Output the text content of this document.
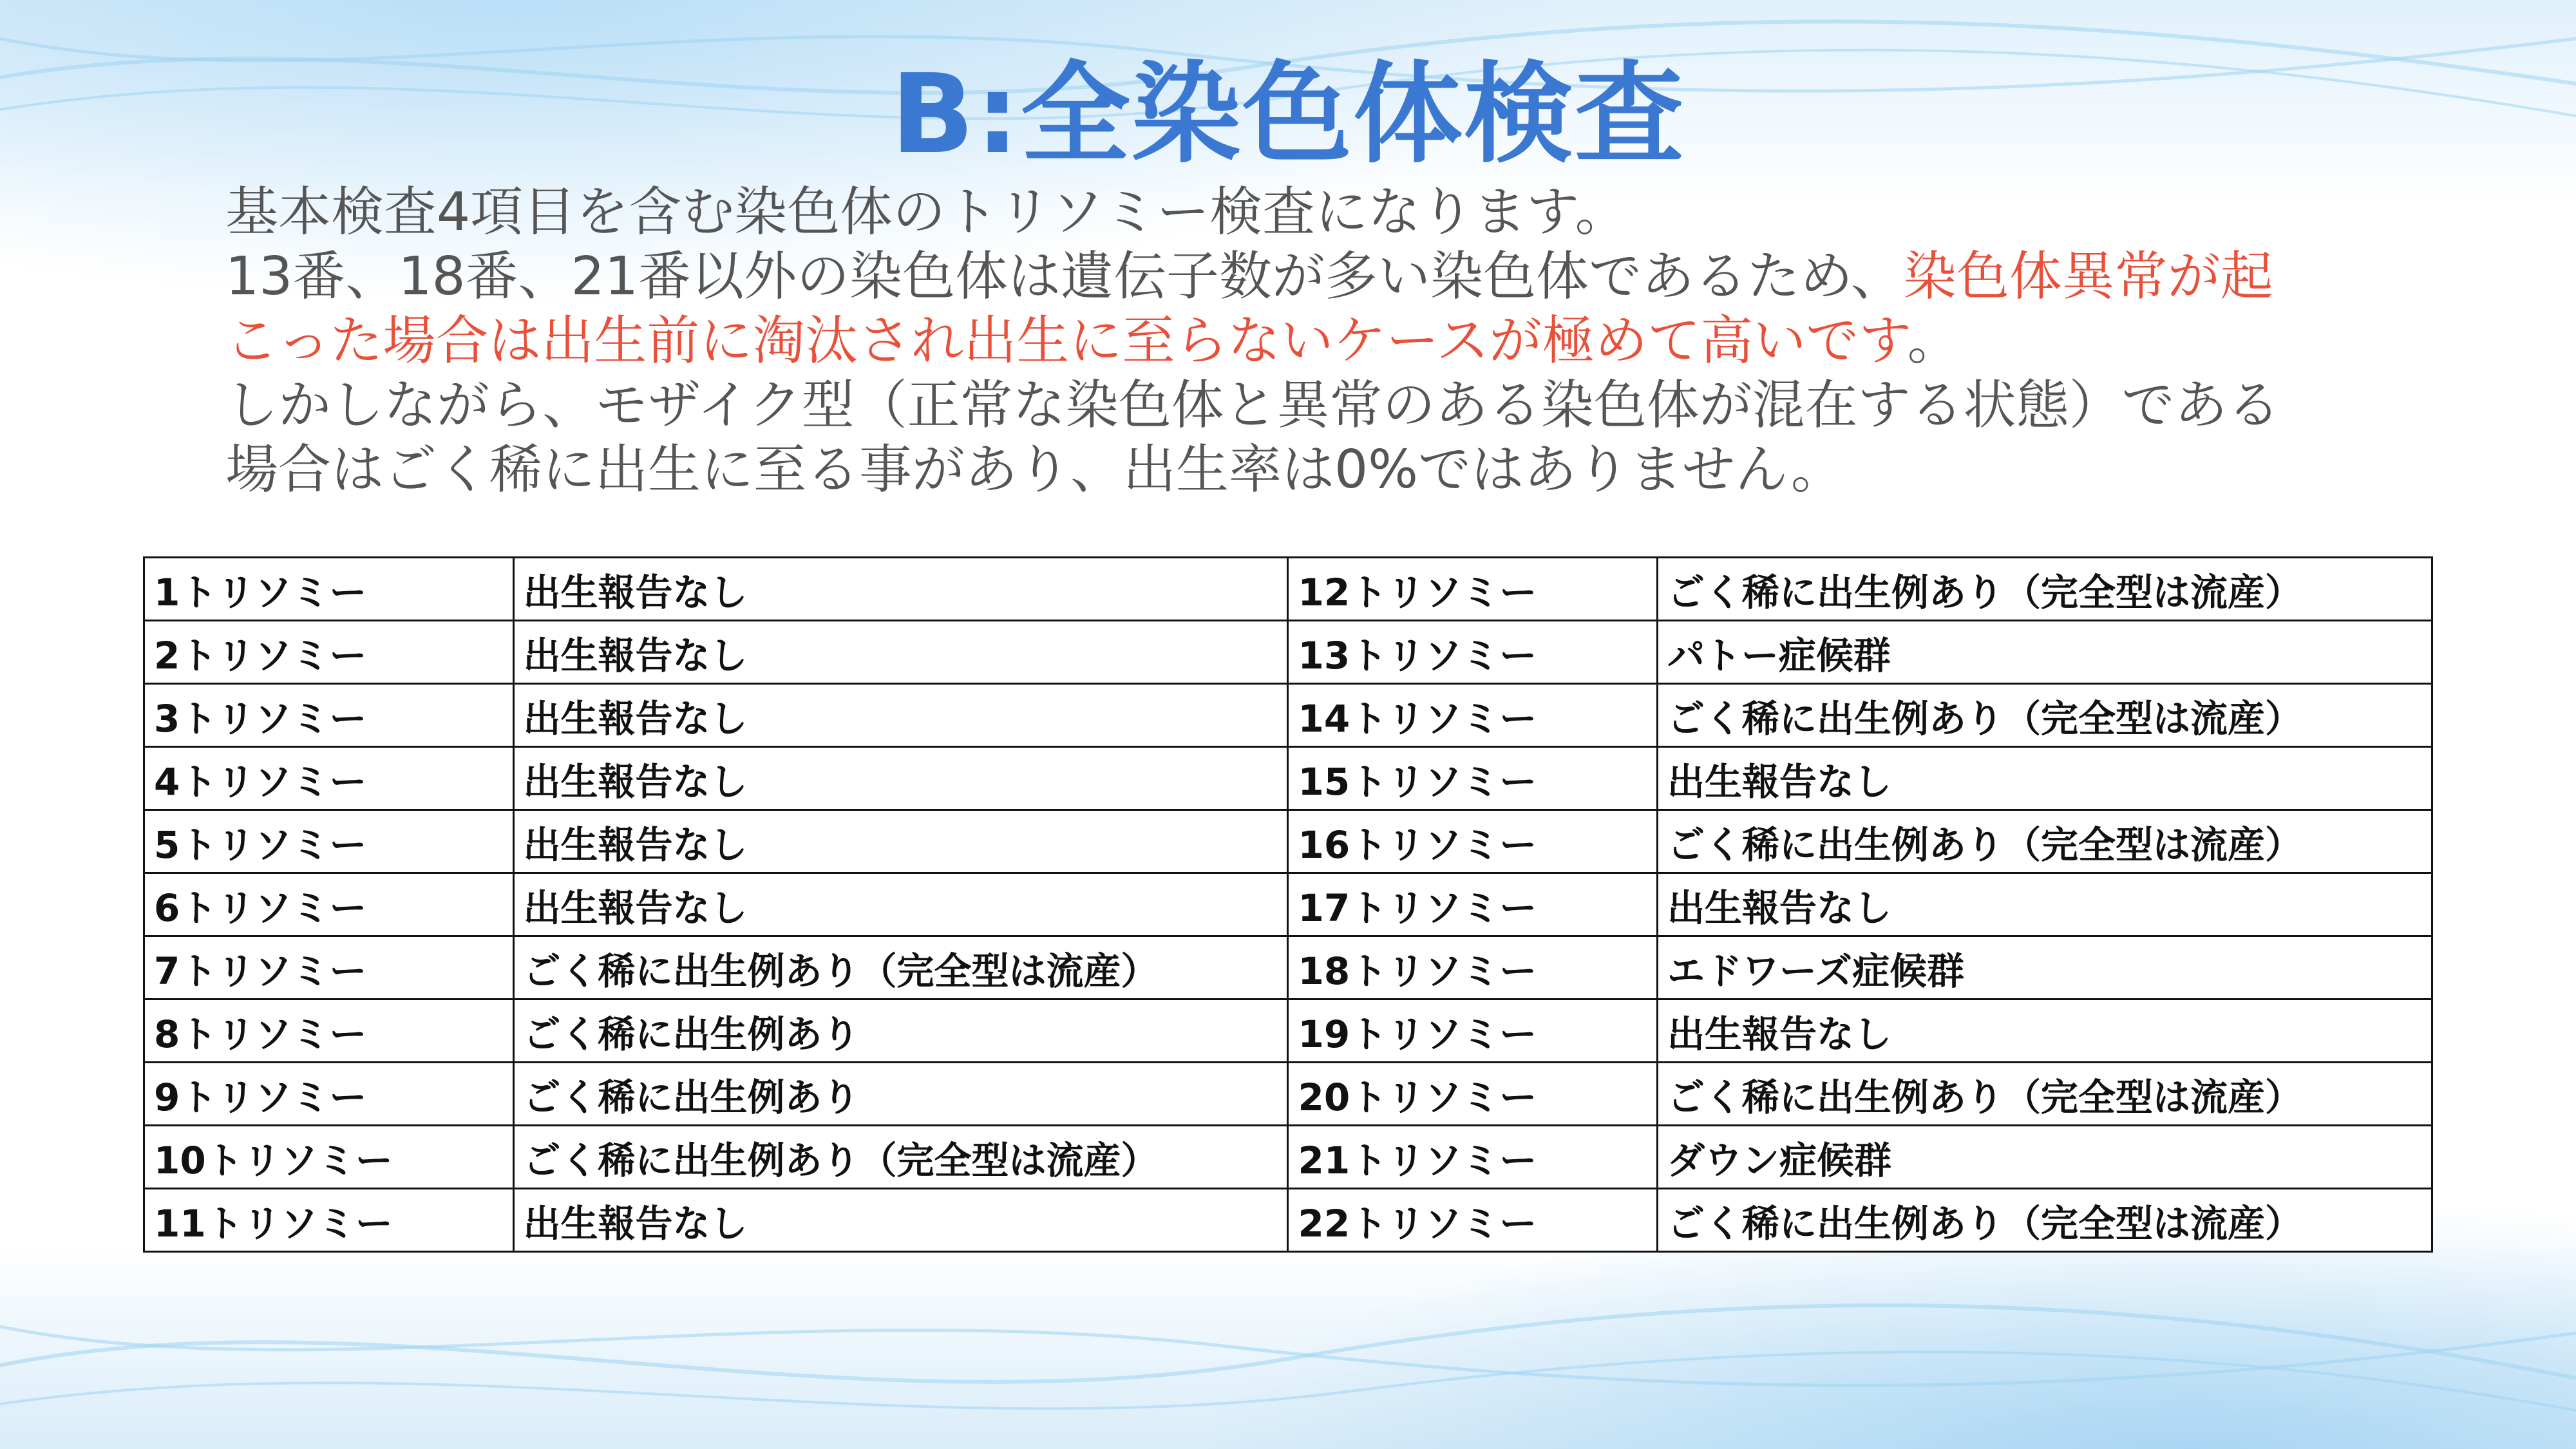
B:全染色体検査

基本検査4項目を含む染色体のトリソミー検査になります。

13番、18番、21番以外の染色体は遺伝子数が多い染色体であるため、染色体異常が起

こった場合は出生前に淘汰され出生に至らないケースが極めて高いです。

しかしながら、モザイク型（正常な染色体と異常のある染色体が混在する状態）である

場合はごく稀に出生に至る事があり、出生率は0%ではありません。

1トリソミー	出生報告なし	12トリソミー	ごく稀に出生例あり（完全型は流産）
2トリソミー	出生報告なし	13トリソミー	パトー症候群
3トリソミー	出生報告なし	14トリソミー	ごく稀に出生例あり（完全型は流産）
4トリソミー	出生報告なし	15トリソミー	出生報告なし
5トリソミー	出生報告なし	16トリソミー	ごく稀に出生例あり（完全型は流産）
6トリソミー	出生報告なし	17トリソミー	出生報告なし
7トリソミー	ごく稀に出生例あり（完全型は流産）	18トリソミー	エドワーズ症候群
8トリソミー	ごく稀に出生例あり	19トリソミー	出生報告なし
9トリソミー	ごく稀に出生例あり	20トリソミー	ごく稀に出生例あり（完全型は流産）
10トリソミー	ごく稀に出生例あり（完全型は流産）	21トリソミー	ダウン症候群
11トリソミー	出生報告なし	22トリソミー	ごく稀に出生例あり（完全型は流産）
